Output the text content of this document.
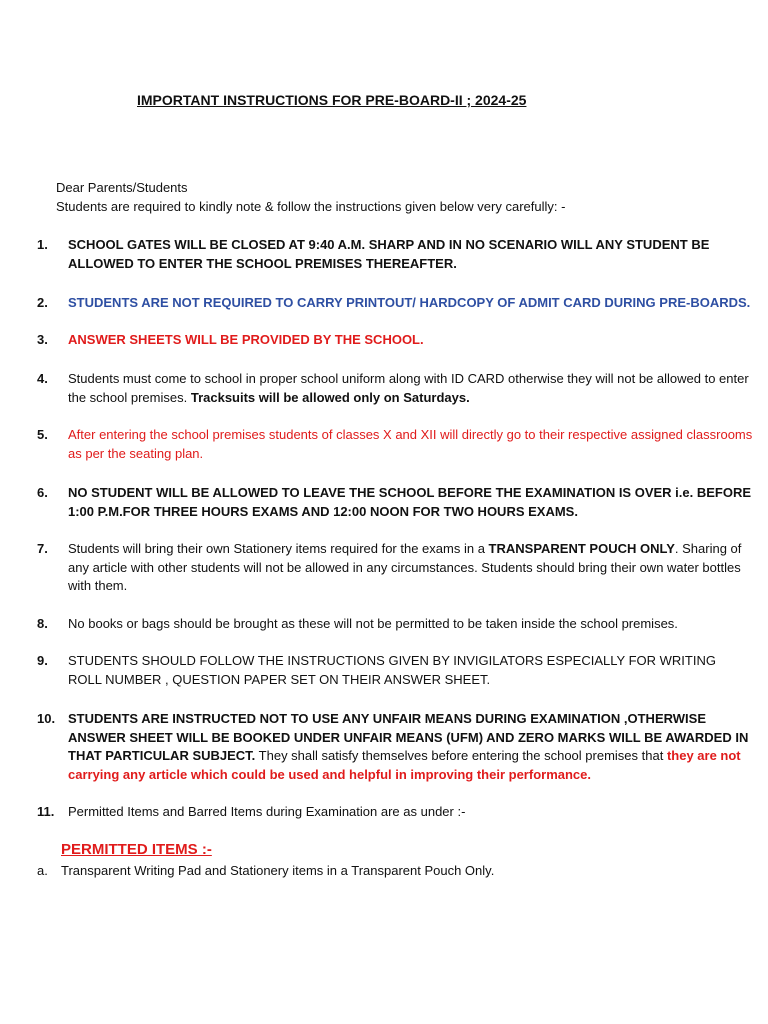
IMPORTANT INSTRUCTIONS FOR PRE-BOARD-II ; 2024-25
Dear Parents/Students
Students are required to kindly note & follow the instructions given below very carefully: -
1. SCHOOL GATES WILL BE CLOSED AT 9:40 A.M. SHARP AND IN NO SCENARIO WILL ANY STUDENT BE ALLOWED TO ENTER THE SCHOOL PREMISES THEREAFTER.
2. STUDENTS ARE NOT REQUIRED TO CARRY PRINTOUT/ HARDCOPY OF ADMIT CARD DURING PRE-BOARDS.
3. ANSWER SHEETS WILL BE PROVIDED BY THE SCHOOL.
4. Students must come to school in proper school uniform along with ID CARD otherwise they will not be allowed to enter the school premises. Tracksuits will be allowed only on Saturdays.
5. After entering the school premises students of classes X and XII will directly go to their respective assigned classrooms as per the seating plan.
6. NO STUDENT WILL BE ALLOWED TO LEAVE THE SCHOOL BEFORE THE EXAMINATION IS OVER i.e. BEFORE 1:00 P.M.FOR THREE HOURS EXAMS AND 12:00 NOON FOR TWO HOURS EXAMS.
7. Students will bring their own Stationery items required for the exams in a TRANSPARENT POUCH ONLY. Sharing of any article with other students will not be allowed in any circumstances. Students should bring their own water bottles with them.
8. No books or bags should be brought as these will not be permitted to be taken inside the school premises.
9. STUDENTS SHOULD FOLLOW THE INSTRUCTIONS GIVEN BY INVIGILATORS ESPECIALLY FOR WRITING ROLL NUMBER , QUESTION PAPER SET ON THEIR ANSWER SHEET.
10. STUDENTS ARE INSTRUCTED NOT TO USE ANY UNFAIR MEANS DURING EXAMINATION ,OTHERWISE ANSWER SHEET WILL BE BOOKED UNDER UNFAIR MEANS (UFM) AND ZERO MARKS WILL BE AWARDED IN THAT PARTICULAR SUBJECT. They shall satisfy themselves before entering the school premises that they are not carrying any article which could be used and helpful in improving their performance.
11. Permitted Items and Barred Items during Examination are as under :-
PERMITTED ITEMS :-
a. Transparent Writing Pad and Stationery items in a Transparent Pouch Only.
